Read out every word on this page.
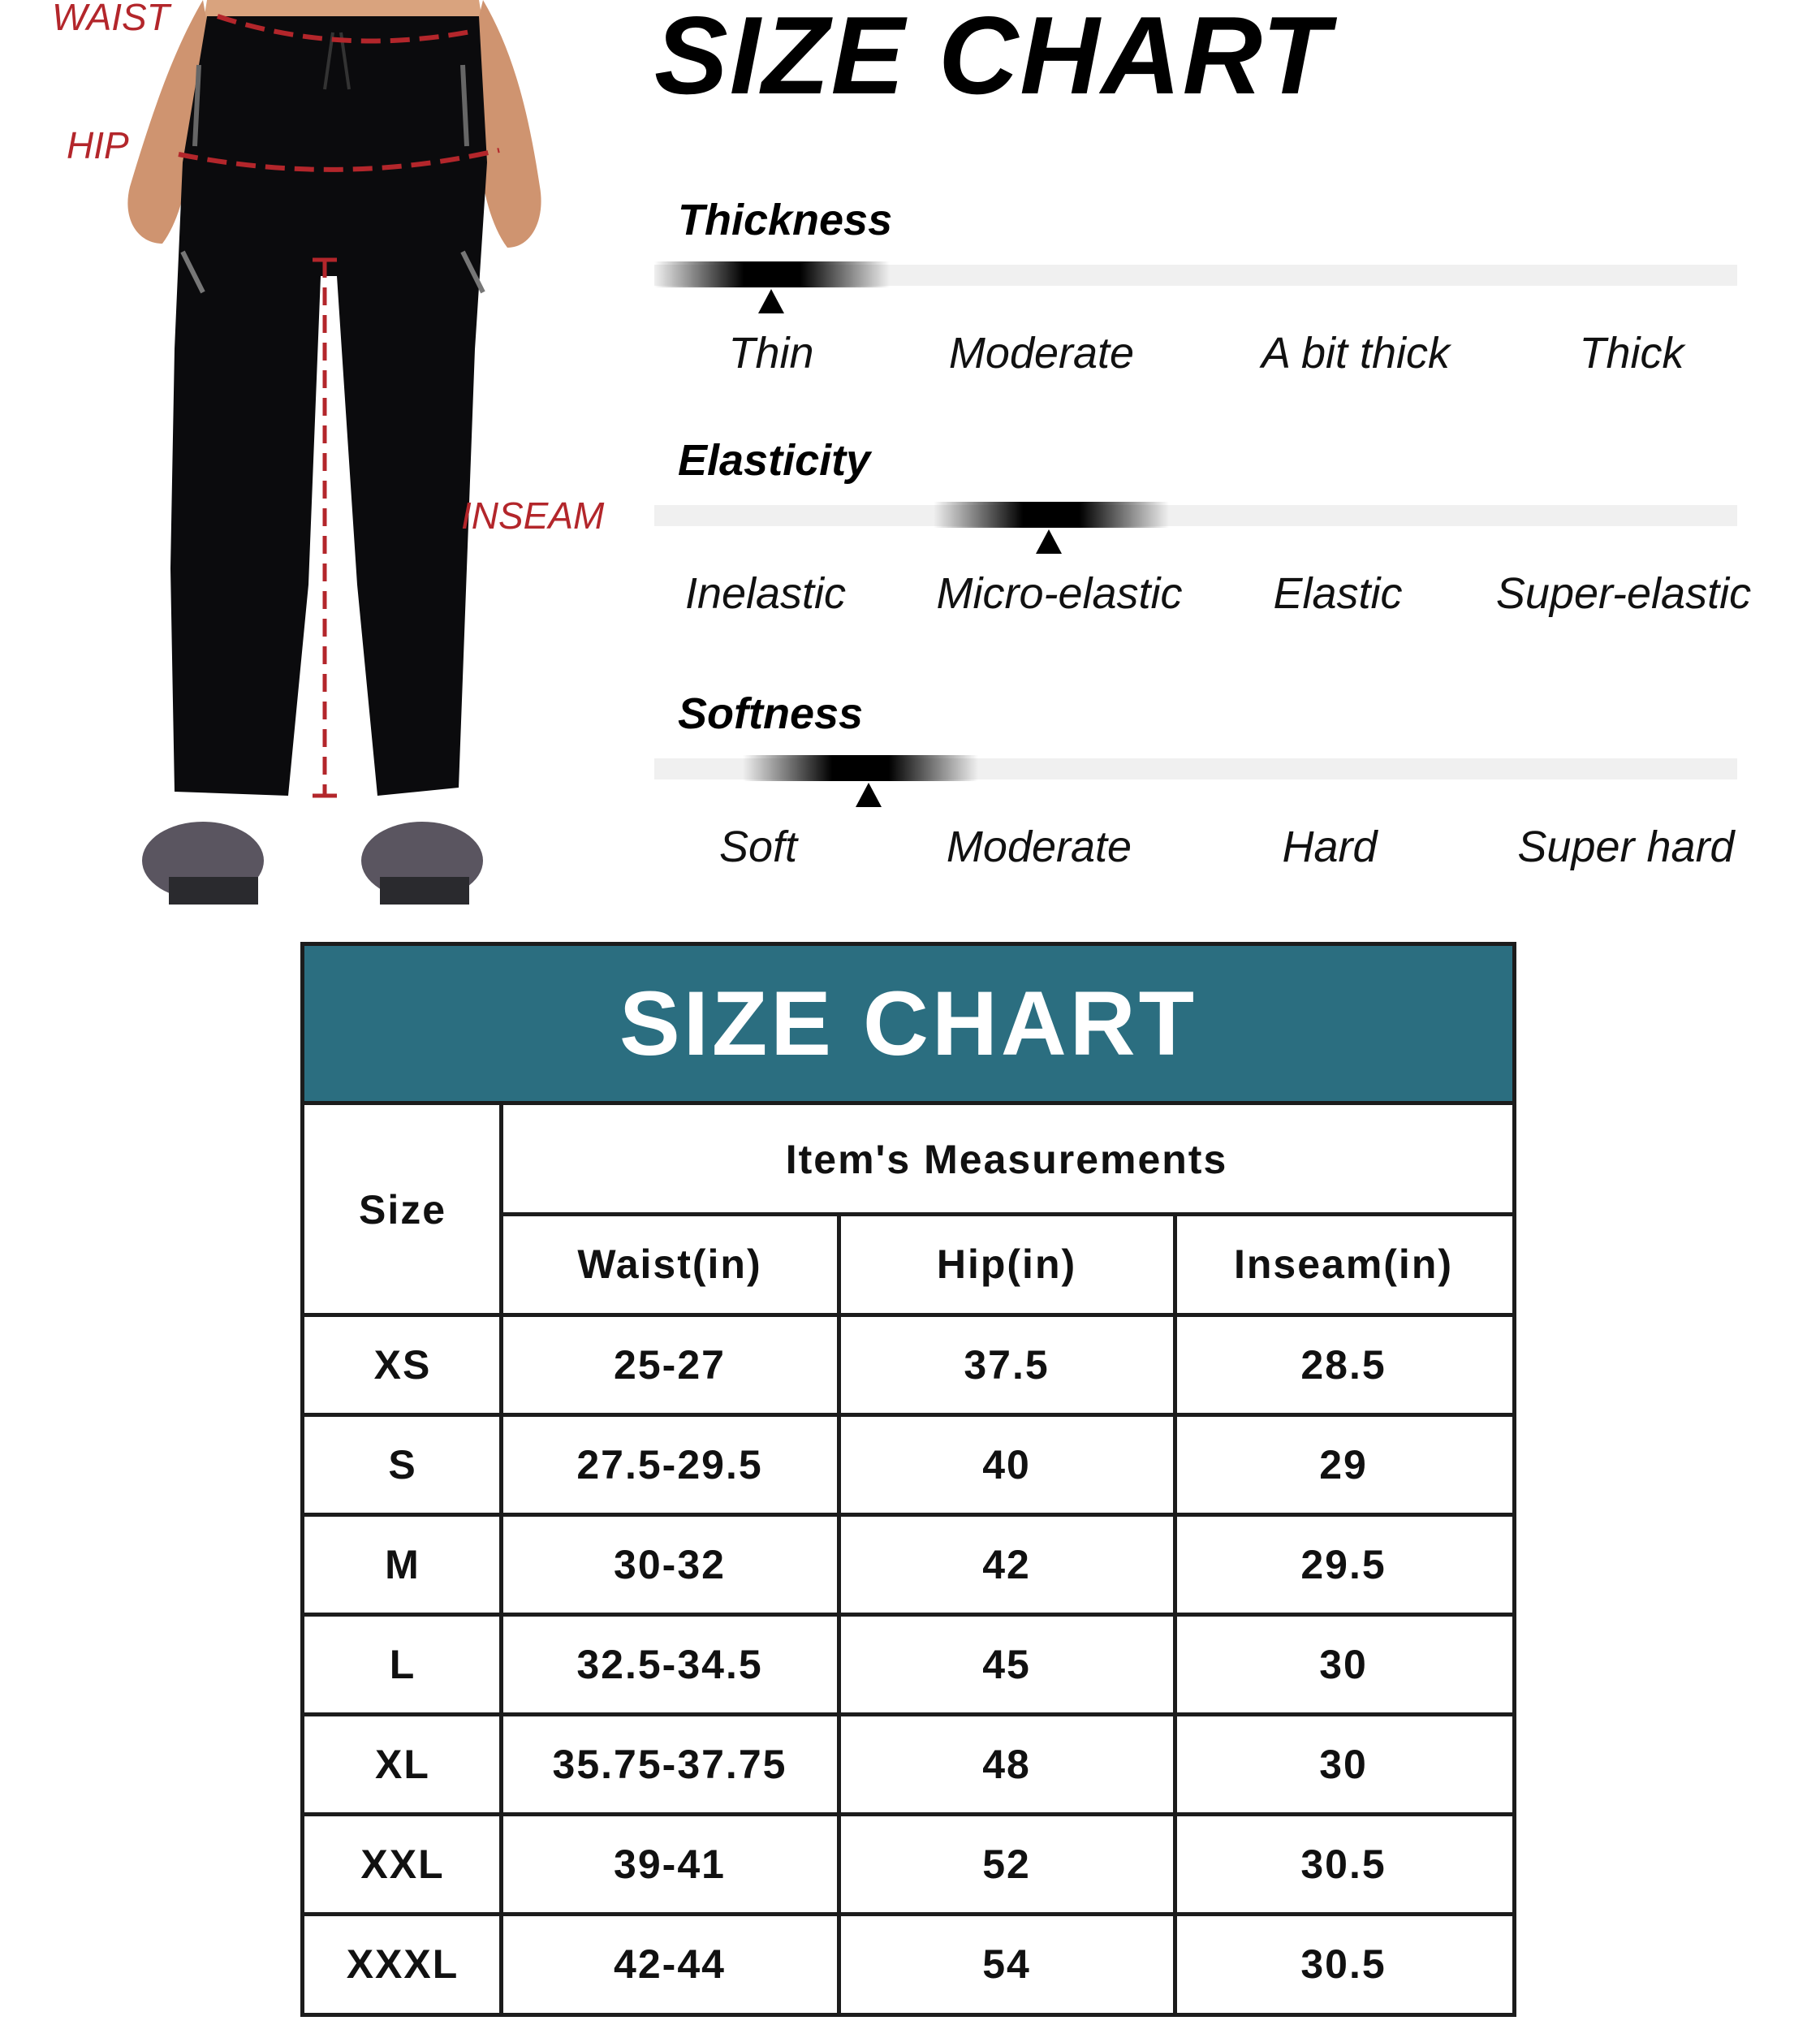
WAIST
HIP
INSEAM
SIZE CHART
Thickness
Thin	Moderate	A bit thick	Thick
Elasticity
Inelastic Micro-elastic Elastic Super-elastic
Softness
Soft	Moderate	Hard	Super hard
SIZE CHART
Size
Item's Measurements
Waist(in)	Hip(in)	Inseam(in)
XS	25-27	37.5	28.5
S	27.5-29.5	40	29
M	30-32	42	29.5
L	32.5-34.5	45	30
XL	35.75-37.75	48	30
XXL	39-41	52	30.5
XXXL	42-44	54	30.5
